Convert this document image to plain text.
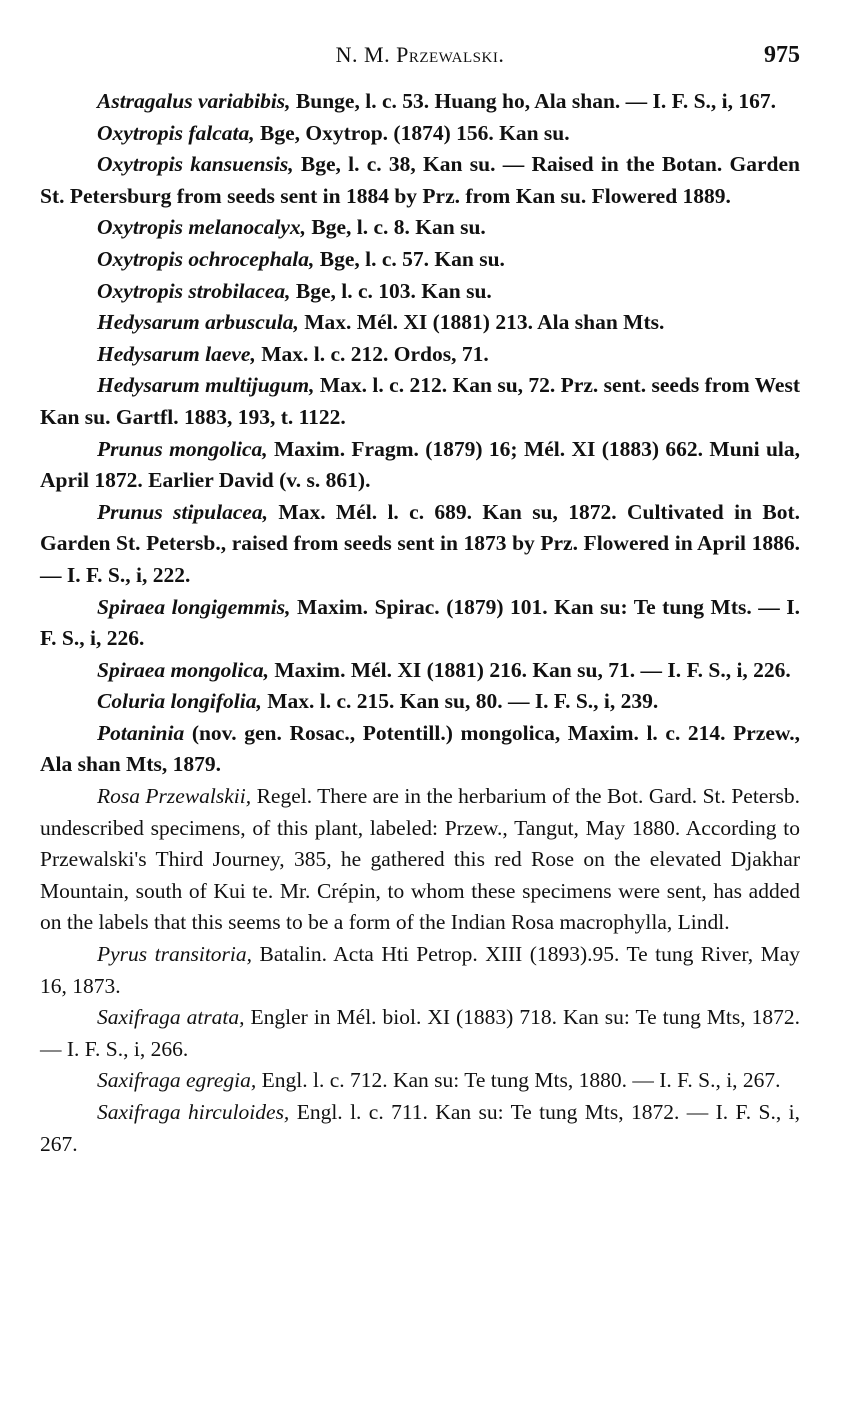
N. M. Przewalski.	975

Astragalus variabibis, Bunge, l. c. 53. Huang ho, Ala shan. — I. F. S., i, 167.

Oxytropis falcata, Bge, Oxytrop. (1874) 156. Kan su.

Oxytropis kansuensis, Bge, l. c. 38, Kan su. — Raised in the Botan. Garden St. Petersburg from seeds sent in 1884 by Prz. from Kan su. Flowered 1889.

Oxytropis melanocalyx, Bge, l. c. 8. Kan su.

Oxytropis ochrocephala, Bge, l. c. 57. Kan su.

Oxytropis strobilacea, Bge, l. c. 103. Kan su.

Hedysarum arbuscula, Max. Mél. XI (1881) 213. Ala shan Mts.

Hedysarum laeve, Max. l. c. 212. Ordos, 71.

Hedysarum multijugum, Max. l. c. 212. Kan su, 72. Prz. sent. seeds from West Kan su. Gartfl. 1883, 193, t. 1122.

Prunus mongolica, Maxim. Fragm. (1879) 16; Mél. XI (1883) 662. Muni ula, April 1872. Earlier David (v. s. 861).

Prunus stipulacea, Max. Mél. l. c. 689. Kan su, 1872. Cultivated in Bot. Garden St. Petersb., raised from seeds sent in 1873 by Prz. Flowered in April 1886. — I. F. S., i, 222.

Spiraea longigemmis, Maxim. Spirac. (1879) 101. Kan su: Te tung Mts. — I. F. S., i, 226.

Spiraea mongolica, Maxim. Mél. XI (1881) 216. Kan su, 71. — I. F. S., i, 226.

Coluria longifolia, Max. l. c. 215. Kan su, 80. — I. F. S., i, 239.

Potaninia (nov. gen. Rosac., Potentill.) mongolica, Maxim. l. c. 214. Przew., Ala shan Mts, 1879.

Rosa Przewalskii, Regel. There are in the herbarium of the Bot. Gard. St. Petersb. undescribed specimens, of this plant, labeled: Przew., Tangut, May 1880. According to Przewalski's Third Journey, 385, he gathered this red Rose on the elevated Djakhar Mountain, south of Kui te. Mr. Crépin, to whom these specimens were sent, has added on the labels that this seems to be a form of the Indian Rosa macrophylla, Lindl.

Pyrus transitoria, Batalin. Acta Hti Petrop. XIII (1893).95. Te tung River, May 16, 1873.

Saxifraga atrata, Engler in Mél. biol. XI (1883) 718. Kan su: Te tung Mts, 1872. — I. F. S., i, 266.

Saxifraga egregia, Engl. l. c. 712. Kan su: Te tung Mts, 1880. — I. F. S., i, 267.

Saxifraga hirculoides, Engl. l. c. 711. Kan su: Te tung Mts, 1872. — I. F. S., i, 267.
